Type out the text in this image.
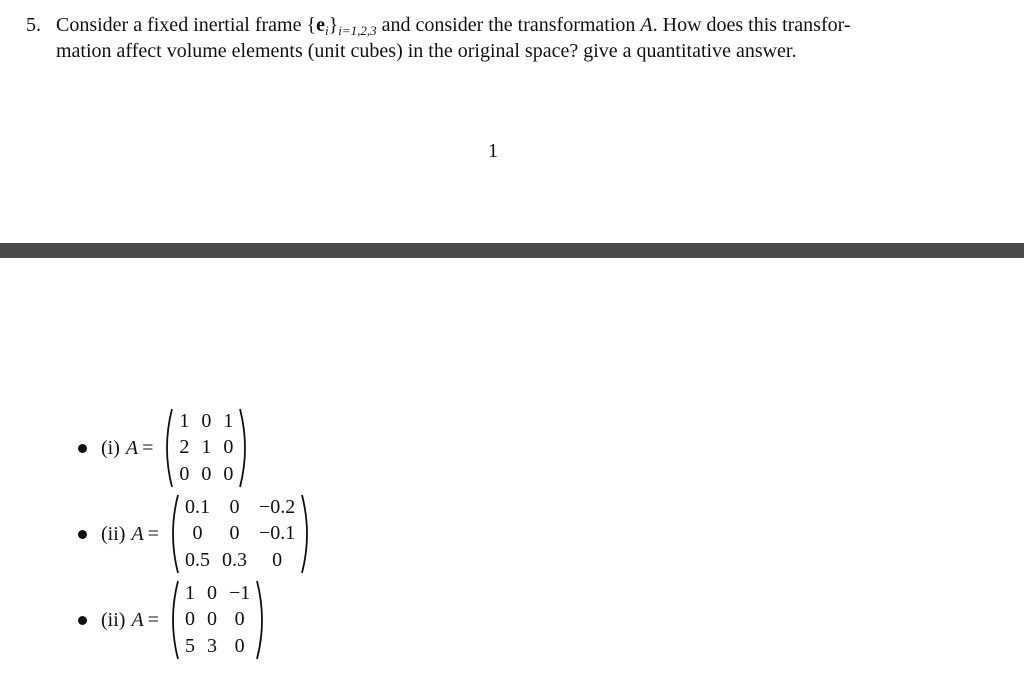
5. Consider a fixed inertial frame $\{e_i\}_{i=1,2,3}$ and consider the transformation A. How does this transfor-
mation affect volume elements (unit cubes) in the original space? give a quantitative answer.
1
(i) A =
1	0	1
2	1	0
0	0	0
(ii) A =
0.1	0	−0.2
0	0	−0.1
0.5	0.3	0
(ii) A =
1	0	−1
0	0	0
5	3	0
